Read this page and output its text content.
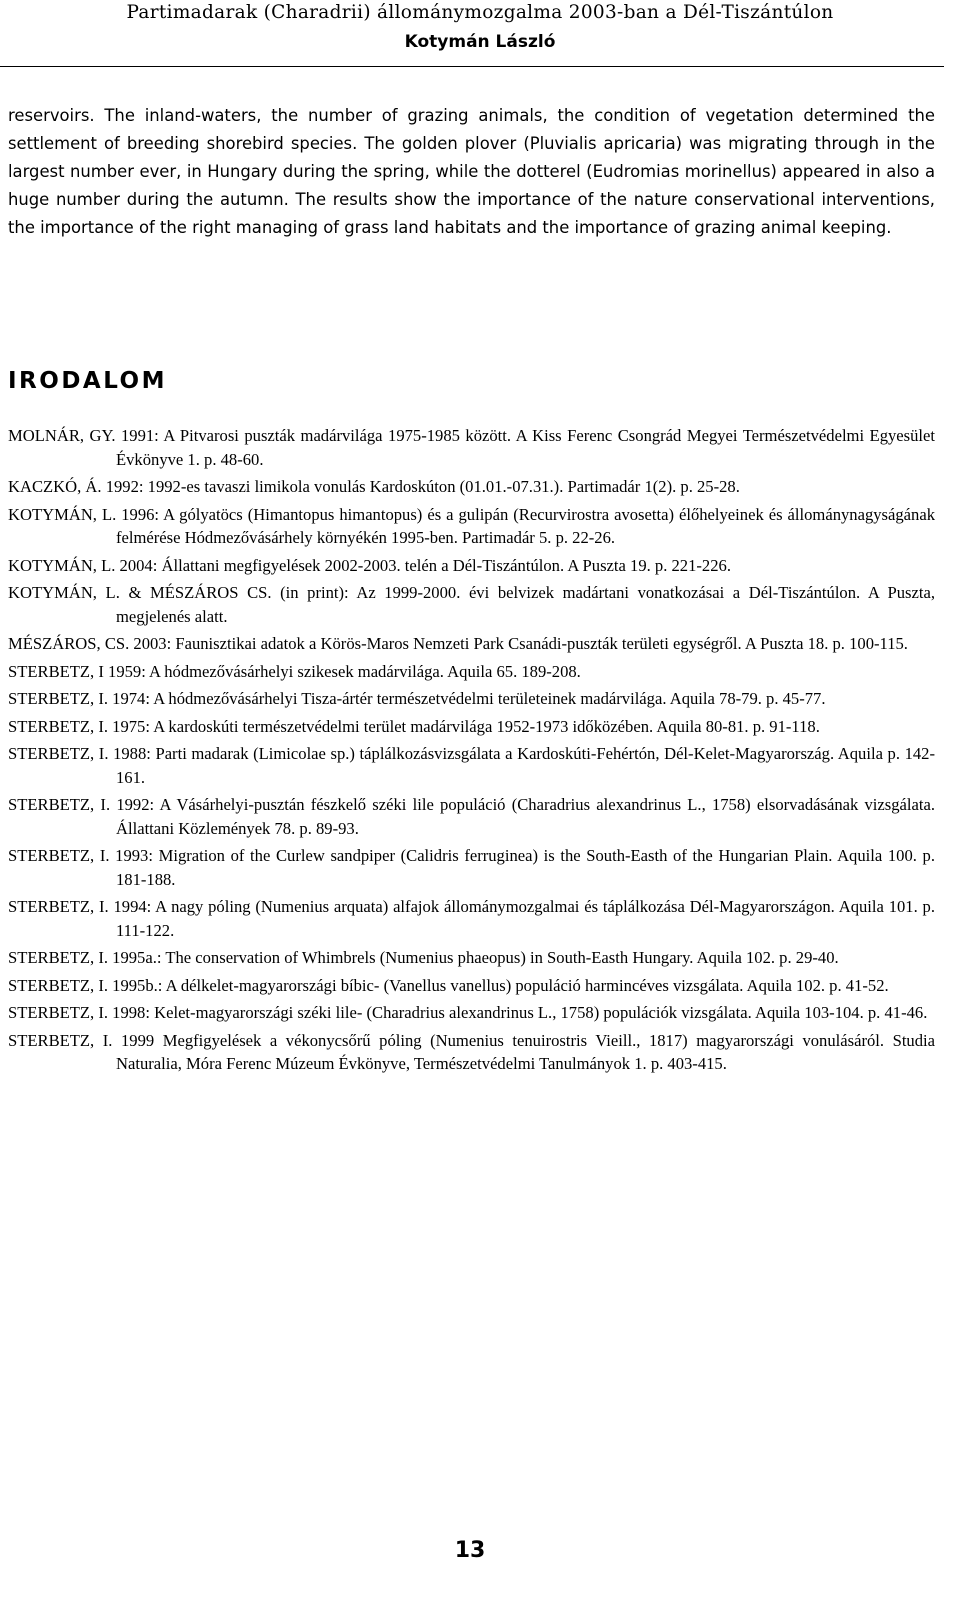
Partimadarak (Charadrii) állománymozgalma 2003-ban a Dél-Tiszántúlon
Kotymán László

reservoirs. The inland-waters, the number of grazing animals, the condition of vegetation determined the settlement of breeding shorebird species. The golden plover (Pluvialis apricaria) was migrating through in the largest number ever, in Hungary during the spring, while the dotterel (Eudromias morinellus) appeared in also a huge number during the autumn. The results show the importance of the nature conservational interventions, the importance of the right managing of grass land habitats and the importance of grazing animal keeping.

IRODALOM

MOLNÁR, GY. 1991: A Pitvarosi puszták madárvilága 1975-1985 között. A Kiss Ferenc Csongrád Megyei Természetvédelmi Egyesület Évkönyve 1. p. 48-60.

KACZKÓ, Á. 1992: 1992-es tavaszi limikola vonulás Kardoskúton (01.01.-07.31.). Partimadár 1(2). p. 25-28.

KOTYMÁN, L. 1996: A gólyatöcs (Himantopus himantopus) és a gulipán (Recurvirostra avosetta) élőhelyeinek és állománynagyságának felmérése Hódmezővásárhely környékén 1995-ben. Partimadár 5. p. 22-26.

KOTYMÁN, L. 2004: Állattani megfigyelések 2002-2003. telén a Dél-Tiszántúlon. A Puszta 19. p. 221-226.

KOTYMÁN, L. & MÉSZÁROS CS. (in print): Az 1999-2000. évi belvizek madártani vonatkozásai a Dél-Tiszántúlon. A Puszta, megjelenés alatt.

MÉSZÁROS, CS. 2003: Faunisztikai adatok a Körös-Maros Nemzeti Park Csanádi-puszták területi egységről. A Puszta 18. p. 100-115.

STERBETZ, I 1959: A hódmezővásárhelyi szikesek madárvilága. Aquila 65. 189-208.

STERBETZ, I. 1974: A hódmezővásárhelyi Tisza-ártér természetvédelmi területeinek madárvilága. Aquila 78-79. p. 45-77.

STERBETZ, I. 1975: A kardoskúti természetvédelmi terület madárvilága 1952-1973 időközében. Aquila 80-81. p. 91-118.

STERBETZ, I. 1988: Parti madarak (Limicolae sp.) táplálkozásvizsgálata a Kardoskúti-Fehértón, Dél-Kelet-Magyarország. Aquila p. 142-161.

STERBETZ, I. 1992: A Vásárhelyi-pusztán fészkelő széki lile populáció (Charadrius alexandrinus L., 1758) elsorvadásának vizsgálata. Állattani Közlemények 78. p. 89-93.

STERBETZ, I. 1993: Migration of the Curlew sandpiper (Calidris ferruginea) is the South-Easth of the Hungarian Plain. Aquila 100. p. 181-188.

STERBETZ, I. 1994: A nagy póling (Numenius arquata) alfajok állománymozgalmai és táplálkozása Dél-Magyarországon. Aquila 101. p. 111-122.

STERBETZ, I. 1995a.: The conservation of Whimbrels (Numenius phaeopus) in South-Easth Hungary. Aquila 102. p. 29-40.

STERBETZ, I. 1995b.: A délkelet-magyarországi bíbic- (Vanellus vanellus) populáció harmincéves vizsgálata. Aquila 102. p. 41-52.

STERBETZ, I. 1998: Kelet-magyarországi széki lile- (Charadrius alexandrinus L., 1758) populációk vizsgálata. Aquila 103-104. p. 41-46.

STERBETZ, I. 1999 Megfigyelések a vékonycsőrű póling (Numenius tenuirostris Vieill., 1817) magyarországi vonulásáról. Studia Naturalia, Móra Ferenc Múzeum Évkönyve, Természetvédelmi Tanulmányok 1. p. 403-415.

13
